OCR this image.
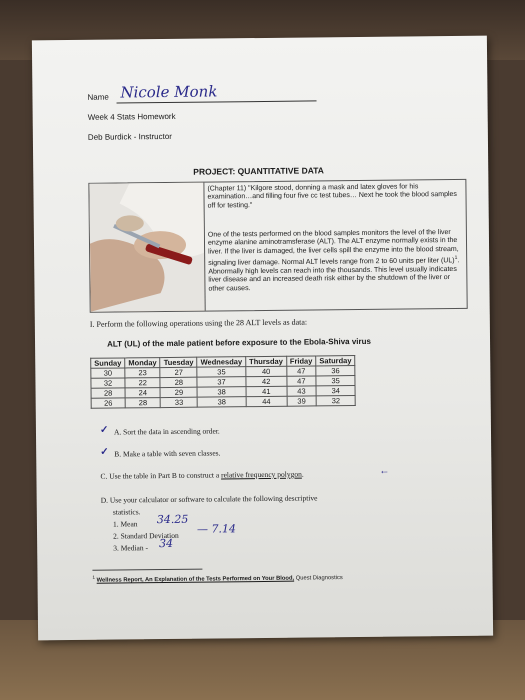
Name Nicole Monk
Week 4 Stats Homework
Deb Burdick - Instructor
PROJECT: QUANTITATIVE DATA
(Chapter 11) "Kilgore stood, donning a mask and latex gloves for his examination…and filling four five cc test tubes… Next he took the blood samples off for testing."
One of the tests performed on the blood samples monitors the level of the liver enzyme alanine aminotramsferase (ALT). The ALT enzyme normally exists in the liver. If the liver is damaged, the liver cells spill the enzyme into the blood stream, signaling liver damage. Normal ALT levels range from 2 to 60 units per liter (UL)$^1$. Abnormally high levels can reach into the thousands. This level usually indicates liver disease and an increased death risk either by the shutdown of the liver or other causes.
I. Perform the following operations using the 28 ALT levels as data:
ALT (UL) of the male patient before exposure to the Ebola-Shiva virus
Sunday	Monday	Tuesday	Wednesday	Thursday	Friday	Saturday
30	23	27	35	40	47	36
32	22	28	37	42	47	35
28	24	29	38	41	43	34
26	28	33	38	44	39	32
✓ A. Sort the data in ascending order.
✓ B. Make a table with seven classes.
C. Use the table in Part B to construct a relative frequency polygon.	←
D. Use your calculator or software to calculate the following descriptive
statistics.
1. Mean
2. Standard Deviation
3. Median -
34.25
— 7.14
34
$^1$ Wellness Report, An Explanation of the Tests Performed on Your Blood, Quest Diagnostics
